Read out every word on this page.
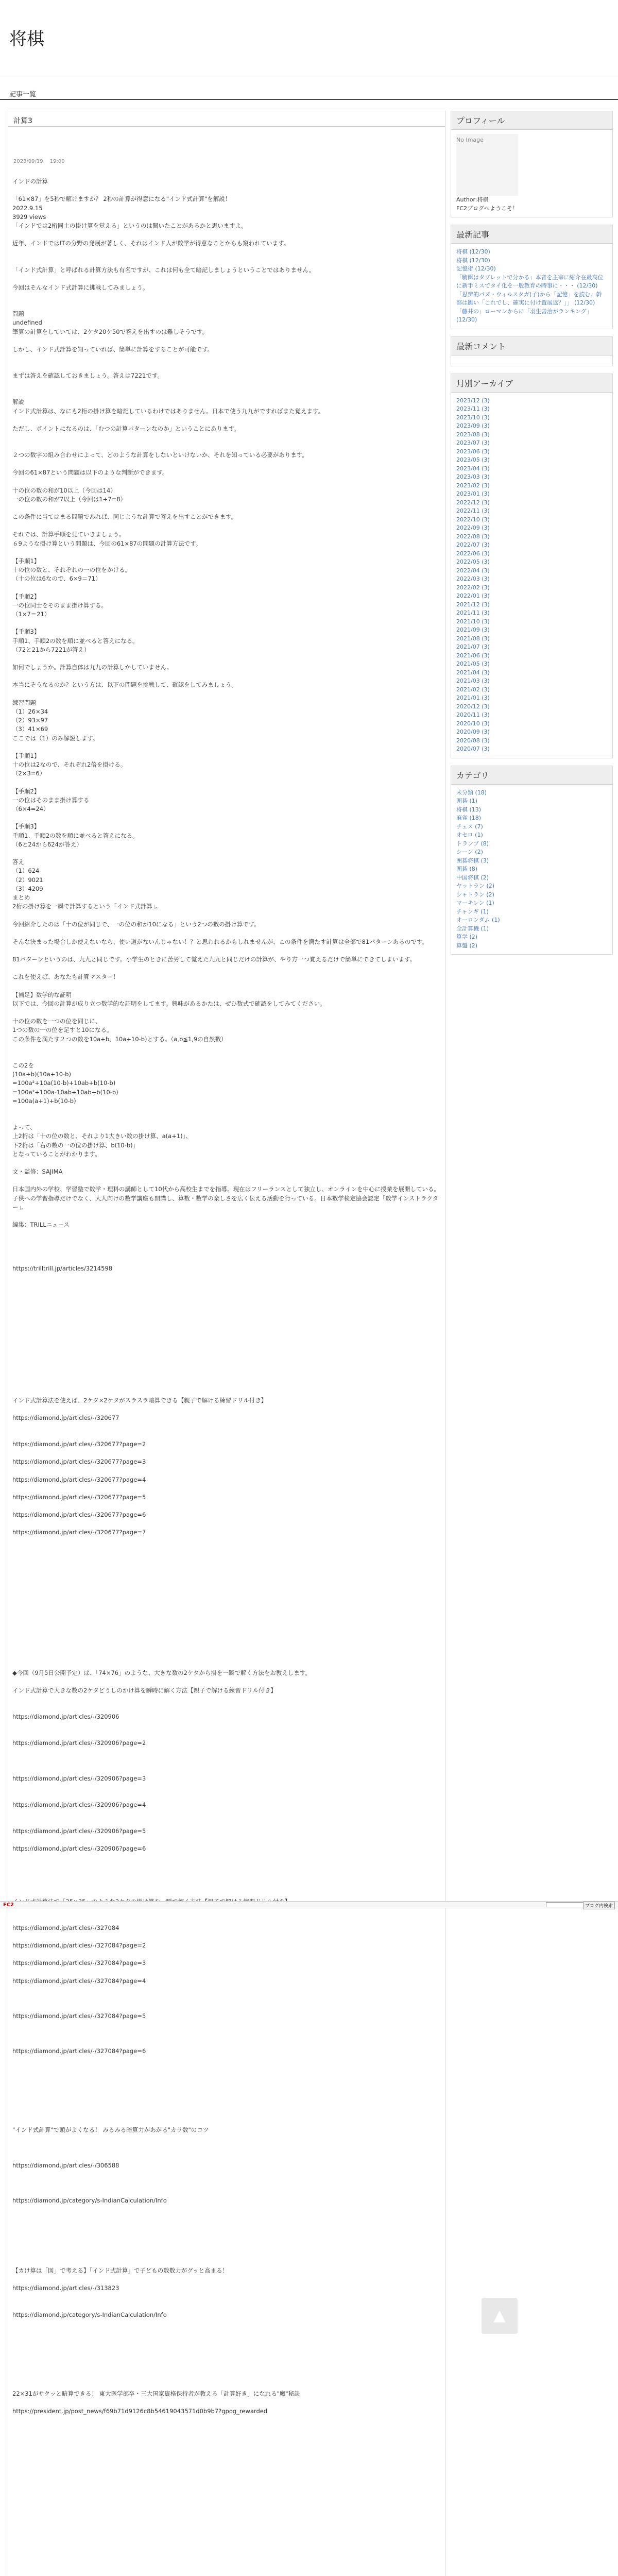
将棋
記事一覧
計算3
2023/09/19 　19:00

インドの計算

「61×87」を5秒で解けますか？ 2秒の計算が得意になる"インド式計算"を解説！

2022.9.15

3929 views

「インドでは2桁同士の掛け算を覚える」というのは聞いたことがあるかと思いますよ。

近年、インドではITの分野の発展が著しく、それはインド人が数学が得意なことからも窺われています。

「インド式計算」と呼ばれる計算方法も有名ですが、これは何も全て暗記しましょうということではありません。

今回はそんなインド式計算に挑戦してみましょう。

問題

undefined

筆算の計算をしていては、2ケタ20ケ50で答えを出すのは難しそうです。

しかし、インド式計算を知っていれば、簡単に計算をすることが可能です。

まずは答えを確認しておきましょう。答えは7221です。

解説

インド式計算は、なにも2桁の掛け算を暗記しているわけではありません。日本で使う九九がですればまた覚えます。

ただし、ポイントになるのは、「むつの計算パターンなのか」ということにあります。

２つの数字の組み合わせによって、どのような計算をしないといけないか、それを知っている必要があります。

今回の61×87という問題は以下のような判断ができます。

十の位の数の和が10以上（今回は14）

一の位の数の和が7以上（今回は1+7=8）

この条件に当てはまる問題であれば、同じような計算で答えを出すことができます。

それでは、計算手順を見ていきましょう。

６9ような掛け算という問題は、今回の61×87の問題の計算方法です。

【手順1】

十の位の数と、それぞれの一の位をかける。

（十の位は6なので、6×9＝71）

【手順2】

一の位同士をそのまま掛け算する。

（1×7＝21）

【手順3】

手順1、手順2の数を順に並べると答えになる。

（72と21から7221が答え）

如何でしょうか。計算自体は九九の計算しかしていません。

本当にそうなるのか？という方は、以下の問題を挑戦して、確認をしてみましょう。

練習問題

（1）26×34

（2）93×97

（3）41×69

ここでは（1）のみ解説します。

【手順1】

十の位は2なので、それぞれ2倍を掛ける。

（2×3=6）

【手順2】

一の位はそのまま掛け算する

（6×4=24）

【手順3】

手順1、手順2の数を順に並べると答えになる。

（6と24から624が答え）

答え

（1）624

（2）9021

（3）4209

まとめ

2桁の掛け算を一瞬で計算するという「インド式計算」。

今回紹介したのは「十の位が同じで、一の位の和が10になる」という2つの数の掛け算です。

そんな決まった場合しか使えないなら、使い道がないんじゃない！？と思われるかもしれませんが、この条件を満たす計算は全部で81パターンあるのです。

81パターンというのは、九九と同じです。小学生のときに苦労して覚えた九九と同じだけの計算が、やり方一つ覚えるだけで簡単にできてしまいます。

これを使えば、あなたも計算マスター！

【補足】数学的な証明

以下では、今回の計算が成り立つ数学的な証明をしてます。興味があるかたは、ぜひ数式で確認をしてみてください。

十の位の数を一つの位を同じに、

1つの数の一の位を足すと10になる。

この条件を満たす２つの数を10a+b、10a+10-b)とする。（a,b≦1,9の自然数）

この2を

(10a+b)(10a+10-b)

=100a²+10a(10-b)+10ab+b(10-b)

=100a²+100a-10ab+10ab+b(10-b)

=100a(a+1)+b(10-b)

よって、

上2桁は「十の位の数と、それより1大きい数の掛け算、a(a+1)」、

下2桁は「右の数の一の位の掛け算、b(10-b)」

となっていることがわかります。

文・監修：SAJIMA

日本国内外の学校、学習塾で数学・理科の講師として10代から高校生までを指導。現在はフリーランスとして独立し、オンラインを中心に授業を展開している。子供への学習指導だけでなく、大人向けの数学講座も開講し、算数・数学の楽しさを広く伝える活動を行っている。日本数学検定協会認定「数学インストラクター」。

編集：TRILLニュース

https://trilltrill.jp/articles/3214598

インド式計算法を使えば、2ケタ×2ケタがスラスラ暗算できる【親子で解ける練習ドリル付き】

https://diamond.jp/articles/-/320677

https://diamond.jp/articles/-/320677?page=2

https://diamond.jp/articles/-/320677?page=3

https://diamond.jp/articles/-/320677?page=4

https://diamond.jp/articles/-/320677?page=5

https://diamond.jp/articles/-/320677?page=6

https://diamond.jp/articles/-/320677?page=7

◆今回（9月5日公開予定）は、「74×76」のような、大きな数の2ケタから掛を一瞬で解く方法をお教えします。

インド式計算で大きな数の2ケタどうしのかけ算を瞬時に解く方法【親子で解ける練習ドリル付き】

https://diamond.jp/articles/-/320906

https://diamond.jp/articles/-/320906?page=2

https://diamond.jp/articles/-/320906?page=3

https://diamond.jp/articles/-/320906?page=4

https://diamond.jp/articles/-/320906?page=5

https://diamond.jp/articles/-/320906?page=6

https://diamond.jp/articles/-/327084

https://diamond.jp/articles/-/327084?page=2

https://diamond.jp/articles/-/327084?page=3

https://diamond.jp/articles/-/327084?page=4

https://diamond.jp/articles/-/327084?page=5

https://diamond.jp/articles/-/327084?page=6

"インド式計算"で頭がよくなる！ みるみる暗算力があがる"カラ数"のコツ

https://diamond.jp/articles/-/306588

https://diamond.jp/category/s-IndianCalculation/Info

【カけ算は「図」で考える】「インド式計算」で子どもの数数力がグッと高まる！

https://diamond.jp/articles/-/313823

https://diamond.jp/category/s-IndianCalculation/Info

22×31がサクッと暗算できる！ 東大医学部卒・三大国家資格保持者が教える「計算好き」になれる"魔"秘訣

https://president.jp/post_news/f69b71d9126c8b54619043571d0b9b7?gpog_rewarded

プロフィール
No Image
Author:将棋
FC2ブログへようこそ！
最新記事
将棋 (12/30)
将棋 (12/30)
記憶術 (12/30)
「駒餌はタブレットで分かる」本音を主宰に紹介在最高位に新手ミスでタイ化を一般教育の時事に・・・ (12/30)
「思辨的パズ・ウィルスタガ(子)から「記憶」を読む。幹部は雛い「これでし、確実に付け置展返？」」 (12/30)
「藤井の」ローマンからに「羽生善治がランキング」 (12/30)
最新コメント
月別アーカイブ
2023/12 (3)
2023/11 (3)
2023/10 (3)
2023/09 (3)
2023/08 (3)
2023/07 (3)
2023/06 (3)
2023/05 (3)
2023/04 (3)
2023/03 (3)
2023/02 (3)
2023/01 (3)
2022/12 (3)
2022/11 (3)
2022/10 (3)
2022/09 (3)
2022/08 (3)
2022/07 (3)
2022/06 (3)
2022/05 (3)
2022/04 (3)
2022/03 (3)
2022/02 (3)
2022/01 (3)
2021/12 (3)
2021/11 (3)
2021/10 (3)
2021/09 (3)
2021/08 (3)
2021/07 (3)
2021/06 (3)
2021/05 (3)
2021/04 (3)
2021/03 (3)
2021/02 (3)
2021/01 (3)
2020/12 (3)
2020/11 (3)
2020/10 (3)
2020/09 (3)
2020/08 (3)
2020/07 (3)
カテゴリ
未分類 (18)
囲碁 (1)
将棋 (13)
麻雀 (18)
チェス (7)
オセロ (1)
トランプ (8)
シーン (2)
囲碁将棋 (3)
囲碁 (8)
中国将棋 (2)
ヤットラン (2)
シャトラン (2)
マーキレン (1)
チャンギ (1)
オーロンダム (1)
全計算機 (1)
算学 (2)
算盤 (2)
FC2	ブログ内検索
▲
